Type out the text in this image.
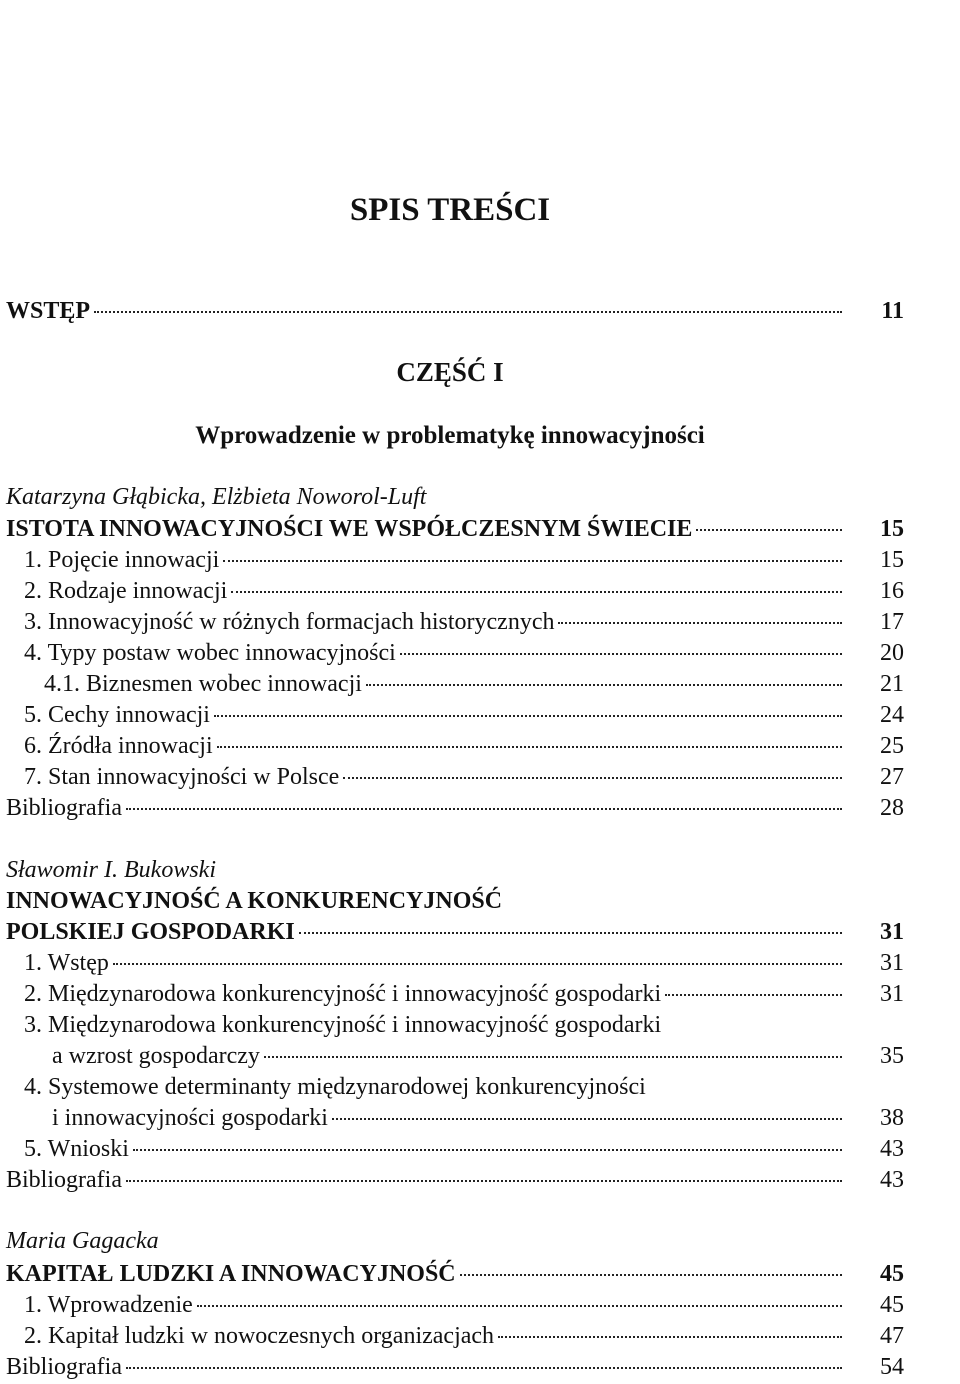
SPIS TREŚCI
WSTĘP	11
CZĘŚĆ I
Wprowadzenie w problematykę innowacyjności
Katarzyna Głąbicka, Elżbieta Noworol-Luft
ISTOTA INNOWACYJNOŚCI WE WSPÓŁCZESNYM ŚWIECIE	15
1. Pojęcie innowacji	15
2. Rodzaje innowacji	16
3. Innowacyjność w różnych formacjach historycznych	17
4. Typy postaw wobec innowacyjności	20
4.1. Biznesmen wobec innowacji	21
5. Cechy innowacji	24
6. Źródła innowacji	25
7. Stan innowacyjności w Polsce	27
Bibliografia	28
Sławomir I. Bukowski
INNOWACYJNOŚĆ A KONKURENCYJNOŚĆ
POLSKIEJ GOSPODARKI	31
1. Wstęp	31
2. Międzynarodowa konkurencyjność i innowacyjność gospodarki	31
3. Międzynarodowa konkurencyjność i innowacyjność gospodarki
a wzrost gospodarczy	35
4. Systemowe determinanty międzynarodowej konkurencyjności
i innowacyjności gospodarki	38
5. Wnioski	43
Bibliografia	43
Maria Gagacka
KAPITAŁ LUDZKI A INNOWACYJNOŚĆ	45
1. Wprowadzenie	45
2. Kapitał ludzki w nowoczesnych organizacjach	47
Bibliografia	54
